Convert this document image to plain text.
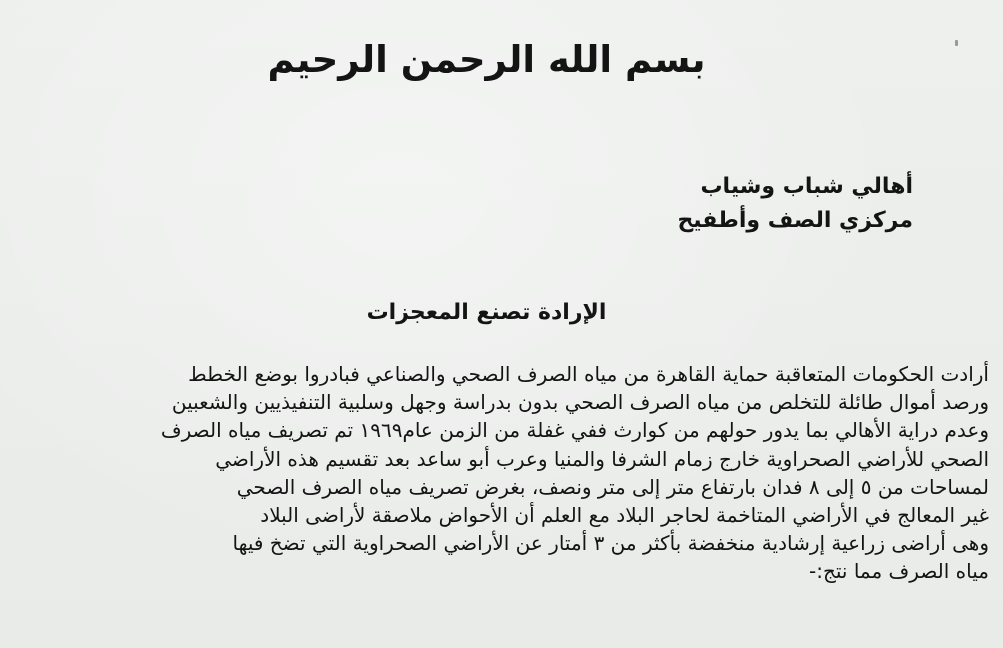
بسم الله الرحمن الرحيم
أهالي شباب وشياب
مركزي الصف وأطفيح
الإرادة تصنع المعجزات
أرادت الحكومات المتعاقبة حماية القاهرة من مياه الصرف الصحي والصناعي فبادروا بوضع الخطط
ورصد أموال طائلة للتخلص من مياه الصرف الصحي بدون بدراسة وجهل وسلبية التنفيذيين والشعبين
وعدم دراية الأهالي بما يدور حولهم من كوارث ففي غفلة من الزمن عام١٩٦٩ تم تصريف مياه الصرف
الصحي للأراضي الصحراوية خارج زمام الشرفا والمنيا وعرب أبو ساعد بعد تقسيم هذه الأراضي
لمساحات من ٥ إلى ٨ فدان بارتفاع متر إلى متر ونصف، بغرض تصريف مياه الصرف الصحي
غير المعالج في الأراضي المتاخمة لحاجر البلاد مع العلم أن الأحواض ملاصقة لأراضى البلاد
وهى أراضى زراعية إرشادية منخفضة بأكثر من ٣ أمتار عن الأراضي الصحراوية التي تضخ فيها
مياه الصرف مما نتج:-
